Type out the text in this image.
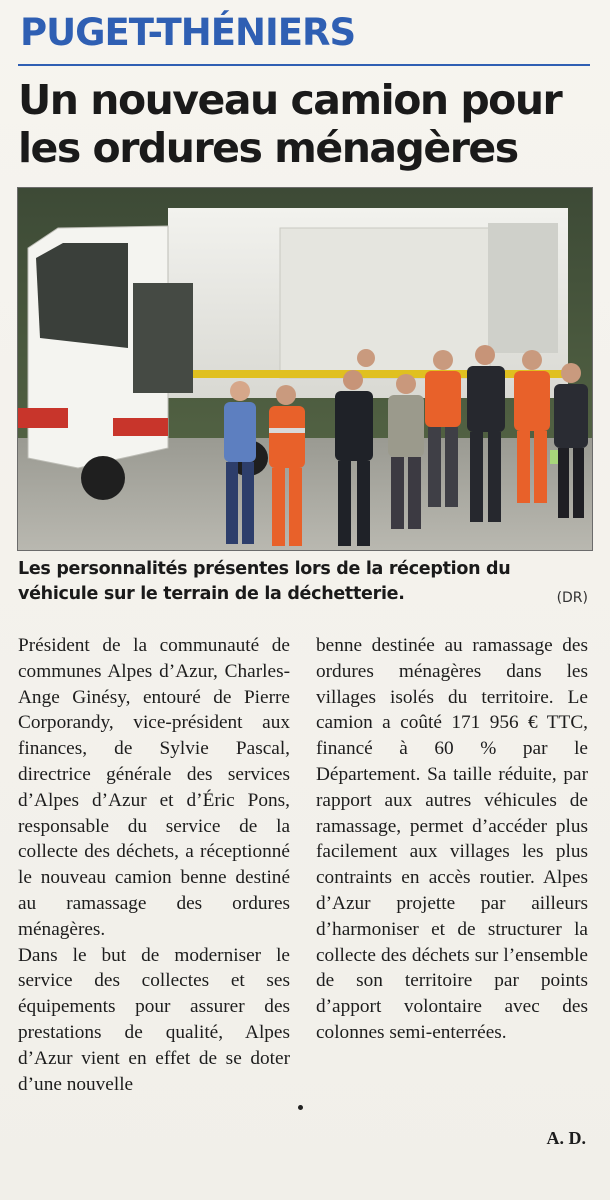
PUGET-THÉNIERS
Un nouveau camion pour les ordures ménagères
Les personnalités présentes lors de la réception du véhicule sur le terrain de la déchetterie.	(DR)

Président de la communauté de communes Alpes d’Azur, Charles-Ange Ginésy, entouré de Pierre Corporandy, vice-président aux finances, de Sylvie Pascal, directrice générale des services d’Alpes d’Azur et d’Éric Pons, responsable du service de la collecte des déchets, a réceptionné le nouveau camion benne destiné au ramassage des ordures ménagères.

Dans le but de moderniser le service des collectes et ses équipements pour assurer des prestations de qualité, Alpes d’Azur vient en effet de se doter d’une nouvelle

benne destinée au ramassage des ordures ménagères dans les villages isolés du territoire. Le camion a coûté 171 956 € TTC, financé à 60 % par le Département. Sa taille réduite, par rapport aux autres véhicules de ramassage, permet d’accéder plus facilement aux villages les plus contraints en accès routier. Alpes d’Azur projette par ailleurs d’harmoniser et de structurer la collecte des déchets sur l’ensemble de son territoire par points d’apport volontaire avec des colonnes semi-enterrées.

A. D.
